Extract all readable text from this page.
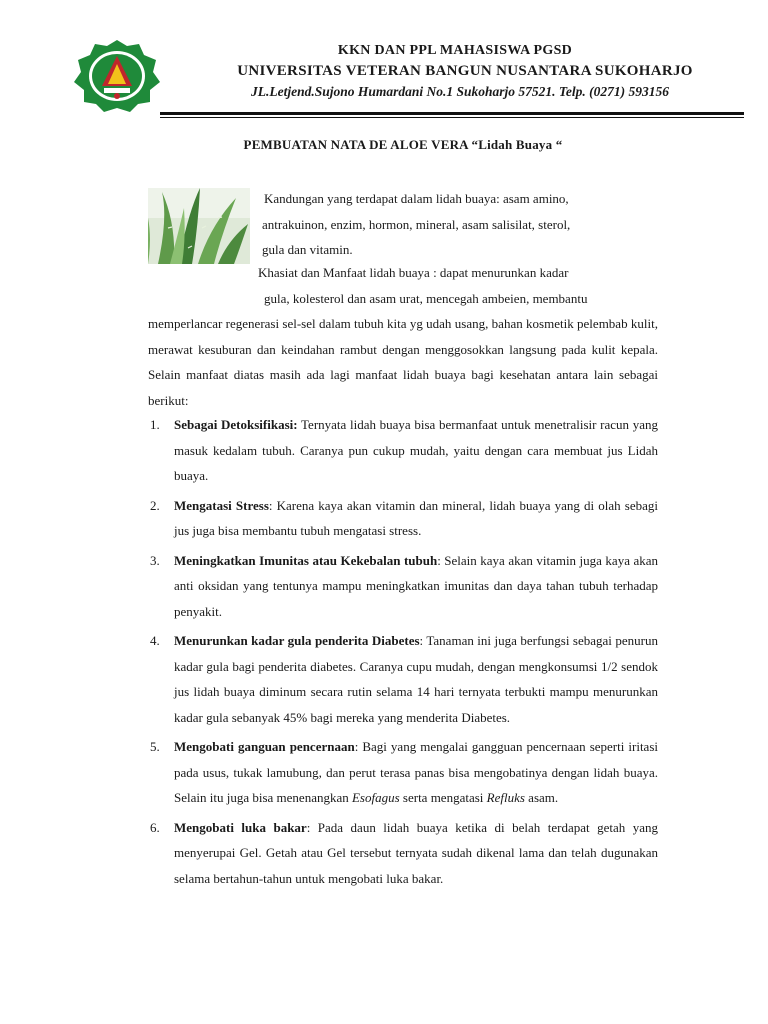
KKN DAN PPL MAHASISWA PGSD
UNIVERSITAS VETERAN BANGUN NUSANTARA SUKOHARJO
JL.Letjend.Sujono Humardani No.1 Sukoharjo 57521. Telp. (0271) 593156
PEMBUATAN NATA DE ALOE VERA “Lidah Buaya “
Kandungan yang terdapat dalam lidah buaya: asam amino,
antrakuinon, enzim, hormon, mineral, asam salisilat, sterol,
gula dan vitamin.
Khasiat dan Manfaat lidah buaya : dapat menurunkan kadar
gula, kolesterol dan asam urat, mencegah ambeien, membantu
memperlancar regenerasi sel-sel dalam tubuh kita yg udah usang, bahan kosmetik pelembab kulit, merawat kesuburan dan keindahan rambut dengan menggosokkan langsung pada kulit kepala. Selain manfaat diatas masih ada lagi manfaat lidah buaya bagi kesehatan antara lain sebagai berikut:
1. Sebagai Detoksifikasi: Ternyata lidah buaya bisa bermanfaat untuk menetralisir racun yang masuk kedalam tubuh. Caranya pun cukup mudah, yaitu dengan cara membuat jus Lidah buaya.
2. Mengatasi Stress: Karena kaya akan vitamin dan mineral, lidah buaya yang di olah sebagi jus juga bisa membantu tubuh mengatasi stress.
3. Meningkatkan Imunitas atau Kekebalan tubuh: Selain kaya akan vitamin juga kaya akan anti oksidan yang tentunya mampu meningkatkan imunitas dan daya tahan tubuh terhadap penyakit.
4. Menurunkan kadar gula penderita Diabetes: Tanaman ini juga berfungsi sebagai penurun kadar gula bagi penderita diabetes. Caranya cupu mudah, dengan mengkonsumsi 1/2 sendok jus lidah buaya diminum secara rutin selama 14 hari ternyata terbukti mampu menurunkan kadar gula sebanyak 45% bagi mereka yang menderita Diabetes.
5. Mengobati ganguan pencernaan: Bagi yang mengalai gangguan pencernaan seperti iritasi pada usus, tukak lamubung, dan perut terasa panas bisa mengobatinya dengan lidah buaya. Selain itu juga bisa menenangkan Esofagus serta mengatasi Refluks asam.
6. Mengobati luka bakar: Pada daun lidah buaya ketika di belah terdapat getah yang menyerupai Gel. Getah atau Gel tersebut ternyata sudah dikenal lama dan telah dugunakan selama bertahun-tahun untuk mengobati luka bakar.
